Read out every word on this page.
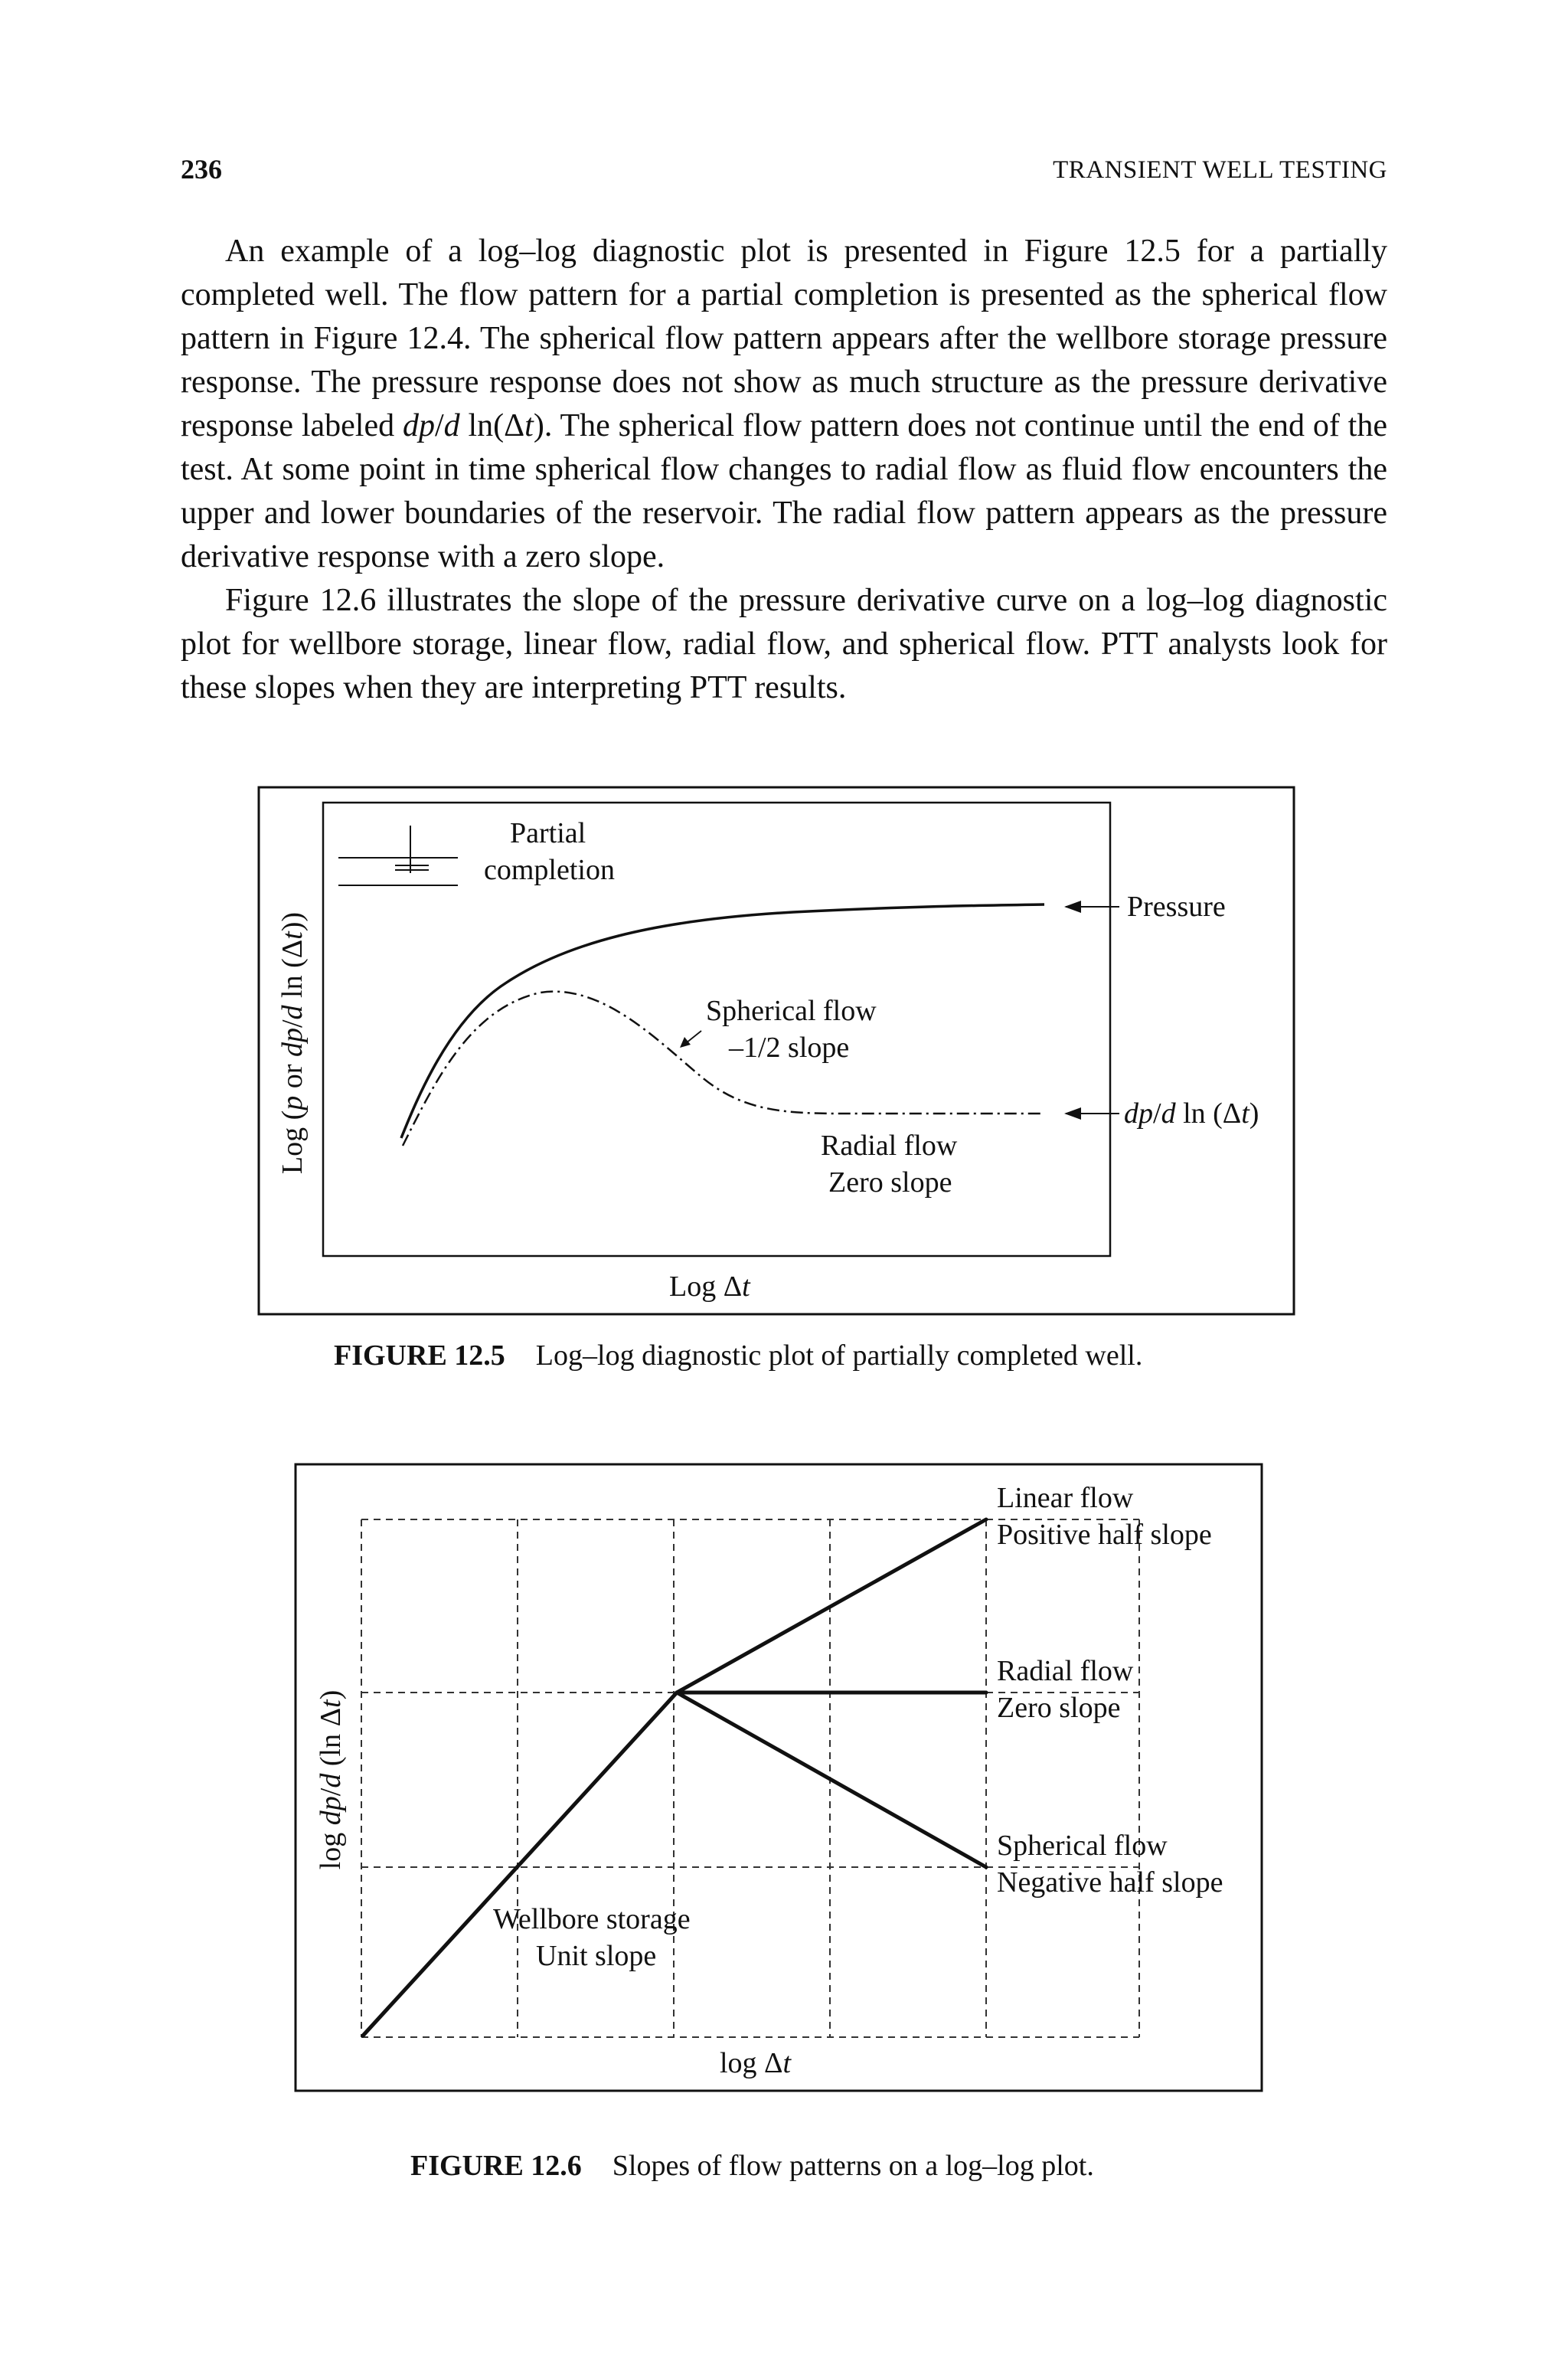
236	TRANSIENT WELL TESTING

An example of a log–log diagnostic plot is presented in Figure 12.5 for a partially completed well. The flow pattern for a partial completion is presented as the spherical flow pattern in Figure 12.4. The spherical flow pattern appears after the wellbore storage pressure response. The pressure response does not show as much structure as the pressure derivative response labeled dp/d ln(Δt). The spherical flow pattern does not continue until the end of the test. At some point in time spherical flow changes to radial flow as fluid flow encounters the upper and lower boundaries of the reservoir. The radial flow pattern appears as the pressure derivative response with a zero slope.

Figure 12.6 illustrates the slope of the pressure derivative curve on a log–log diagnostic plot for wellbore storage, linear flow, radial flow, and spherical flow. PTT analysts look for these slopes when they are interpreting PTT results.

Partial
completion
Pressure
dp/d ln (Δt)
Spherical flow
–1/2 slope
Radial flow
Zero slope
Log Δt
Log (p or dp/d ln (Δt))
FIGURE 12.5 Log–log diagnostic plot of partially completed well.
Linear flow
Positive half slope
Radial flow
Zero slope
Spherical flow
Negative half slope
Wellbore storage
Unit slope
log Δt
log dp/d (ln Δt)
FIGURE 12.6 Slopes of flow patterns on a log–log plot.
